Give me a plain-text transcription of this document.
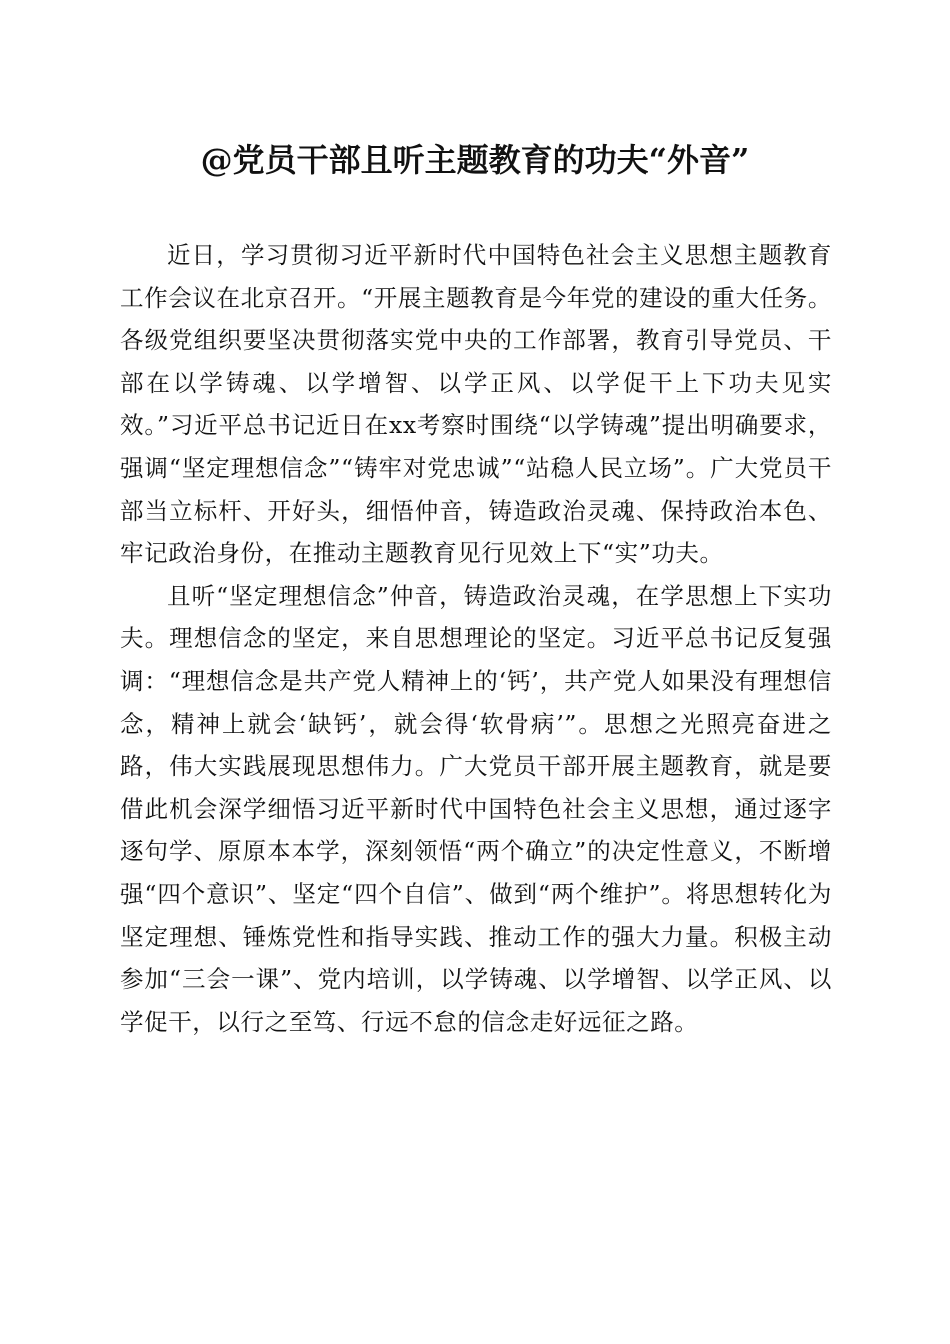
@党员干部且听主题教育的功夫“外音”

近日，学习贯彻习近平新时代中国特色社会主义思想主题教育工作会议在北京召开。“开展主题教育是今年党的建设的重大任务。各级党组织要坚决贯彻落实党中央的工作部署，教育引导党员、干部在以学铸魂、以学增智、以学正风、以学促干上下功夫见实效。”习近平总书记近日在xx考察时围绕“以学铸魂”提出明确要求，强调“坚定理想信念”“铸牢对党忠诚”“站稳人民立场”。广大党员干部当立标杆、开好头，细悟仲音，铸造政治灵魂、保持政治本色、牢记政治身份，在推动主题教育见行见效上下“实”功夫。

且听“坚定理想信念”仲音，铸造政治灵魂，在学思想上下实功夫。理想信念的坚定，来自思想理论的坚定。习近平总书记反复强调：“理想信念是共产党人精神上的‘钙’，共产党人如果没有理想信念，精神上就会‘缺钙’，就会得‘软骨病’”。思想之光照亮奋进之路，伟大实践展现思想伟力。广大党员干部开展主题教育，就是要借此机会深学细悟习近平新时代中国特色社会主义思想，通过逐字逐句学、原原本本学，深刻领悟“两个确立”的决定性意义，不断增强“四个意识”、坚定“四个自信”、做到“两个维护”。将思想转化为坚定理想、锤炼党性和指导实践、推动工作的强大力量。积极主动参加“三会一课”、党内培训，以学铸魂、以学增智、以学正风、以学促干，以行之至笃、行远不怠的信念走好远征之路。
